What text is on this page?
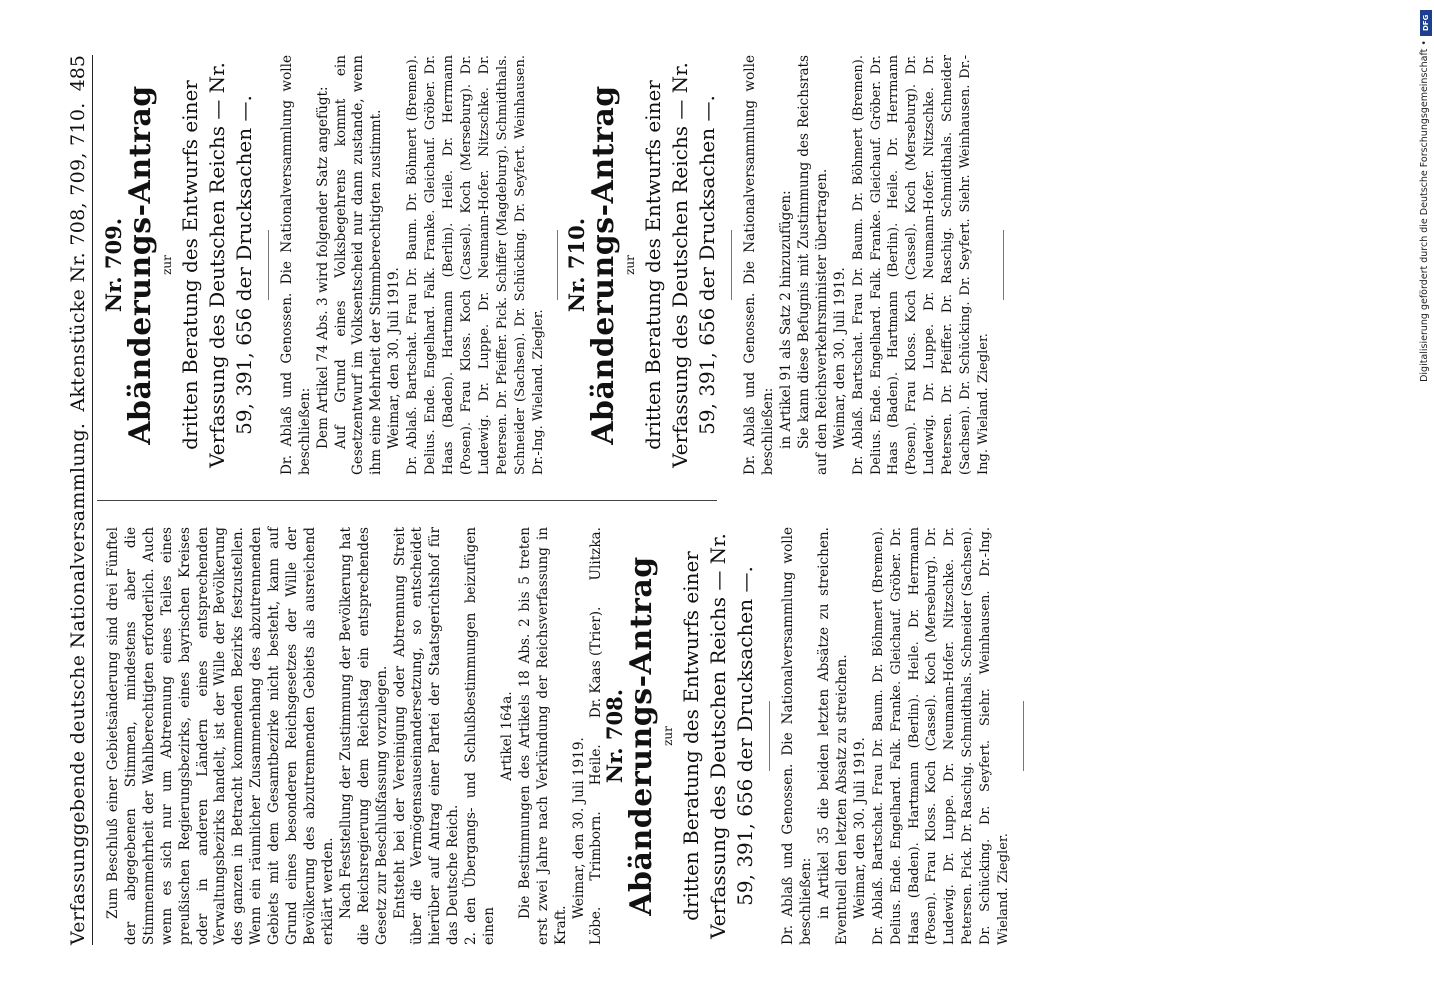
Verfassunggebende deutsche Nationalversammlung.
Aktenstücke Nr. 708, 709, 710.
485

Zum Beschluß einer Gebietsänderung sind drei Fünftel der abgegebenen Stimmen, mindestens aber die Stimmenmehrheit der Wahlberechtigten erforderlich. Auch wenn es sich nur um Abtrennung eines Teiles eines preußischen Regierungsbezirks, eines bayrischen Kreises oder in anderen Ländern eines entsprechenden Verwaltungsbezirks handelt, ist der Wille der Bevölkerung des ganzen in Betracht kommenden Bezirks festzustellen. Wenn ein räumlicher Zusammenhang des abzutrennenden Gebiets mit dem Gesamtbezirke nicht besteht, kann auf Grund eines besonderen Reichsgesetzes der Wille der Bevölkerung des abzutrennenden Gebiets als ausreichend erklärt werden. Nach Feststellung der Zustimmung der Bevölkerung hat die Reichsregierung dem Reichstag ein entsprechendes Gesetz zur Beschlußfassung vorzulegen. Entsteht bei der Vereinigung oder Abtrennung Streit über die Vermögensauseinandersetzung, so entscheidet hierüber auf Antrag einer Partei der Staatsgerichtshof für das Deutsche Reich. 2. den Übergangs- und Schlußbestimmungen beizufügen einen

Artikel 164a. Die Bestimmungen des Artikels 18 Abs. 2 bis 5 treten erst zwei Jahre nach Verkündung der Reichsverfassung in Kraft.

Weimar, den 30. Juli 1919.

Löbe.
Trimborn.
Heile.
Dr. Kaas (Trier).
Ulitzka.

Nr. 708.

Abänderungs-Antrag zur dritten Beratung des Entwurfs einer Verfassung des Deutschen Reichs — Nr. 59, 391, 656 der Drucksachen —. Dr. Ablaß und Genossen. Die Nationalversammlung wolle beschließen: in Artikel 35 die beiden letzten Absätze zu streichen. Eventuell den letzten Absatz zu streichen. Weimar, den 30. Juli 1919. Dr. Ablaß. Bartschat. Frau Dr. Baum. Dr. Böhmert (Bremen). Delius. Ende. Engelhard. Falk. Franke. Gleichauf. Gröber. Dr. Haas (Baden). Hartmann (Berlin). Heile. Dr. Herrmann (Posen). Frau Kloss. Koch (Cassel). Koch (Merseburg). Dr. Ludewig. Dr. Luppe. Dr. Neumann-Hofer. Nitzschke. Dr. Petersen. Pick. Dr. Raschig. Schmidthals. Schneider (Sachsen). Dr. Schücking. Dr. Seyfert. Siehr. Weinhausen. Dr.-Ing. Wieland. Ziegler.

Nr. 709.

Abänderungs-Antrag zur dritten Beratung des Entwurfs einer Verfassung des Deutschen Reichs — Nr. 59, 391, 656 der Drucksachen —. Dr. Ablaß und Genossen. Die Nationalversammlung wolle beschließen: Dem Artikel 74 Abs. 3 wird folgender Satz angefügt: Auf Grund eines Volksbegehrens kommt ein Gesetzentwurf im Volksentscheid nur dann zustande, wenn ihm eine Mehrheit der Stimmberechtigten zustimmt. Weimar, den 30. Juli 1919. Dr. Ablaß. Bartschat. Frau Dr. Baum. Dr. Böhmert (Bremen). Delius. Ende. Engelhard. Falk. Franke. Gleichauf. Gröber. Dr. Haas (Baden). Hartmann (Berlin). Heile. Dr. Herrmann (Posen). Frau Kloss. Koch (Cassel). Koch (Merseburg). Dr. Ludewig. Dr. Luppe. Dr. Neumann-Hofer. Nitzschke. Dr. Petersen. Dr. Pfeiffer. Pick. Schiffer (Magdeburg). Schmidthals. Schneider (Sachsen). Dr. Schücking. Dr. Seyfert. Weinhausen. Dr.-Ing. Wieland. Ziegler.

Nr. 710.

Abänderungs-Antrag zur dritten Beratung des Entwurfs einer Verfassung des Deutschen Reichs — Nr. 59, 391, 656 der Drucksachen —. Dr. Ablaß und Genossen. Die Nationalversammlung wolle beschließen: in Artikel 91 als Satz 2 hinzuzufügen: Sie kann diese Befugnis mit Zustimmung des Reichsrats auf den Reichsverkehrsminister übertragen. Weimar, den 30. Juli 1919. Dr. Ablaß. Bartschat. Frau Dr. Baum. Dr. Böhmert (Bremen). Delius. Ende. Engelhard. Falk. Franke. Gleichauf. Gröber. Dr. Haas (Baden). Hartmann (Berlin). Heile. Dr. Herrmann (Posen). Frau Kloss. Koch (Cassel). Koch (Merseburg). Dr. Ludewig. Dr. Luppe. Dr. Neumann-Hofer. Nitzschke. Dr. Petersen. Dr. Pfeiffer. Dr. Raschig. Schmidthals. Schneider (Sachsen). Dr. Schücking. Dr. Seyfert. Siehr. Weinhausen. Dr.-Ing. Wieland. Ziegler.

DFG
Digitalisierung gefördert durch die Deutsche Forschungsgemeinschaft •
